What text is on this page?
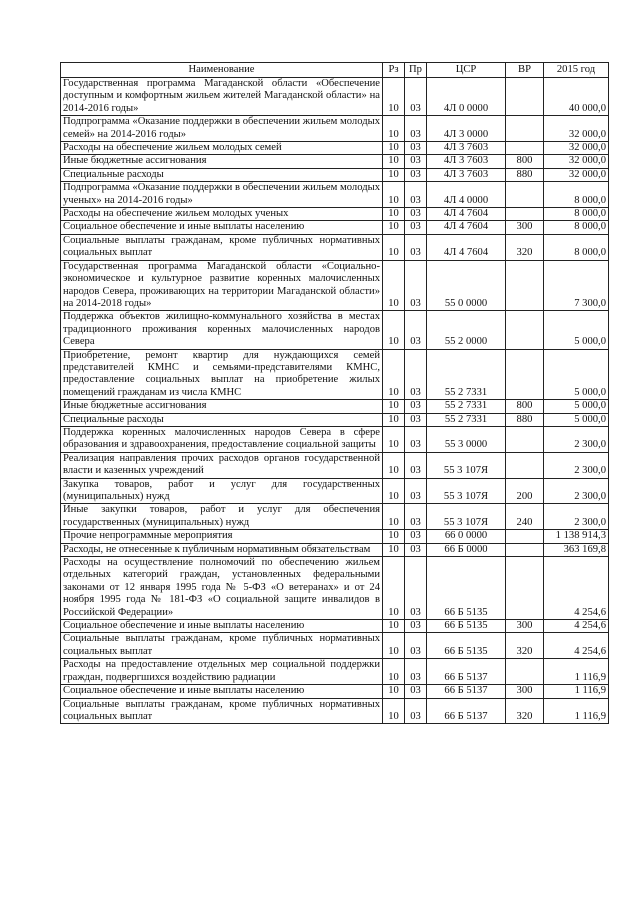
Наименование	Рз	Пр	ЦСР	ВР	2015 год
Государственная программа Магаданской области «Обеспечение доступным и комфортным жильем жителей Магаданской области» на 2014-2016 годы»	10	03	4Л 0 0000		40 000,0
Подпрограмма «Оказание поддержки в обеспечении жильем молодых семей» на 2014-2016 годы»	10	03	4Л 3 0000		32 000,0
Расходы на обеспечение жильем молодых семей	10	03	4Л 3 7603		32 000,0
Иные бюджетные ассигнования	10	03	4Л 3 7603	800	32 000,0
Специальные расходы	10	03	4Л 3 7603	880	32 000,0
Подпрограмма «Оказание поддержки в обеспечении жильем молодых ученых» на 2014-2016 годы»	10	03	4Л 4 0000		8 000,0
Расходы на обеспечение жильем молодых ученых	10	03	4Л 4 7604		8 000,0
Социальное обеспечение и иные выплаты населению	10	03	4Л 4 7604	300	8 000,0
Социальные выплаты гражданам, кроме публичных нормативных социальных выплат	10	03	4Л 4 7604	320	8 000,0
Государственная программа Магаданской области «Социально-экономическое и культурное развитие коренных малочисленных народов Севера, проживающих на территории Магаданской области» на 2014-2018 годы»	10	03	55 0 0000		7 300,0
Поддержка объектов жилищно-коммунального хозяйства в местах традиционного проживания коренных малочисленных народов Севера	10	03	55 2 0000		5 000,0
Приобретение, ремонт квартир для нуждающихся семей представителей КМНС и семьями-представителями КМНС, предоставление социальных выплат на приобретение жилых помещений гражданам из числа КМНС	10	03	55 2 7331		5 000,0
Иные бюджетные ассигнования	10	03	55 2 7331	800	5 000,0
Специальные расходы	10	03	55 2 7331	880	5 000,0
Поддержка коренных малочисленных народов Севера в сфере образования и здравоохранения, предоставление социальной защиты	10	03	55 3 0000		2 300,0
Реализация направления прочих расходов органов государственной власти и казенных учреждений	10	03	55 3 107Я		2 300,0
Закупка товаров, работ и услуг для государственных (муниципальных) нужд	10	03	55 3 107Я	200	2 300,0
Иные закупки товаров, работ и услуг для обеспечения государственных (муниципальных) нужд	10	03	55 3 107Я	240	2 300,0
Прочие непрограммные мероприятия	10	03	66 0 0000		1 138 914,3
Расходы, не отнесенные к публичным нормативным обязательствам	10	03	66 Б 0000		363 169,8
Расходы на осуществление полномочий по обеспечению жильем отдельных категорий граждан, установленных федеральными законами от 12 января 1995 года № 5-ФЗ «О ветеранах» и от 24 ноября 1995 года № 181-ФЗ «О социальной защите инвалидов в Российской Федерации»	10	03	66 Б 5135		4 254,6
Социальное обеспечение и иные выплаты населению	10	03	66 Б 5135	300	4 254,6
Социальные выплаты гражданам, кроме публичных нормативных социальных выплат	10	03	66 Б 5135	320	4 254,6
Расходы на предоставление отдельных мер социальной поддержки граждан, подвергшихся воздействию радиации	10	03	66 Б 5137		1 116,9
Социальное обеспечение и иные выплаты населению	10	03	66 Б 5137	300	1 116,9
Социальные выплаты гражданам, кроме публичных нормативных социальных выплат	10	03	66 Б 5137	320	1 116,9
